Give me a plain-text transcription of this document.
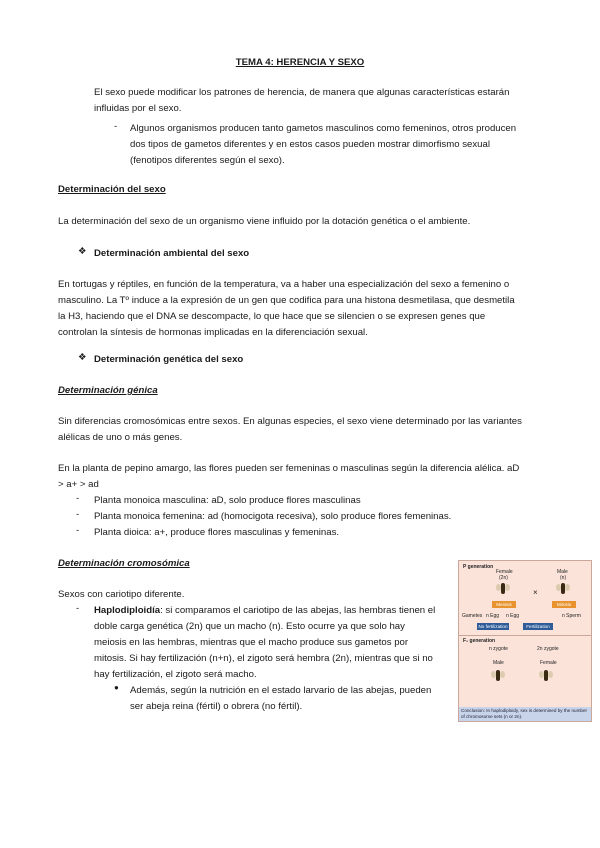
TEMA 4: HERENCIA Y SEXO

El sexo puede modificar los patrones de herencia, de manera que algunas características estarán

influidas por el sexo.

- Algunos organismos producen tanto gametos masculinos como femeninos, otros producen

dos tipos de gametos diferentes y en estos casos pueden mostrar dimorfismo sexual

(fenotipos diferentes según el sexo).

Determinación del sexo

La determinación del sexo de un organismo viene influido por la dotación genética o el ambiente.

❖ Determinación ambiental del sexo

En tortugas y réptiles, en función de la temperatura, va a haber una especialización del sexo a femenino o

masculino. La Tº induce a la expresión de un gen que codifica para una histona desmetilasa, que desmetila

la H3, haciendo que el DNA se descompacte, lo que hace que se silencien o se expresen genes que

controlan la síntesis de hormonas implicadas en la diferenciación sexual.

❖ Determinación genética del sexo

Determinación génica

Sin diferencias cromosómicas entre sexos. En algunas especies, el sexo viene determinado por las variantes

alélicas de uno o más genes.

En la planta de pepino amargo, las flores pueden ser femeninas o masculinas según la diferencia alélica. aD

> a+ > ad

- Planta monoica masculina: aD, solo produce flores masculinas

- Planta monoica femenina: ad (homocigota recesiva), solo produce flores femeninas.

- Planta dioica: a+, produce flores masculinas y femeninas.

Determinación cromosómica

Sexos con cariotipo diferente.

- Haplodiploidía: si comparamos el cariotipo de las abejas, las hembras tienen el

doble carga genética (2n) que un macho (n). Esto ocurre ya que solo hay

meiosis en las hembras, mientras que el macho produce sus gametos por

mitosis. Si hay fertilización (n+n), el zigoto será hembra (2n), mientras que si no

hay fertilización, el zigoto será macho.

● Además, según la nutrición en el estado larvario de las abejas, pueden

ser abeja reina (fértil) o obrera (no fértil).

P generation
Female
(2n)
Male
(n)
×
Meiosis	Mitosis
Gametes n Egg n Egg	n Sperm
No fertilization	Fertilization
F₁ generation
n zygote	2n zygote
Male	Female
Conclusion: In haplodiploidy, sex is determined by the number of chromosome sets (n or 2n).
